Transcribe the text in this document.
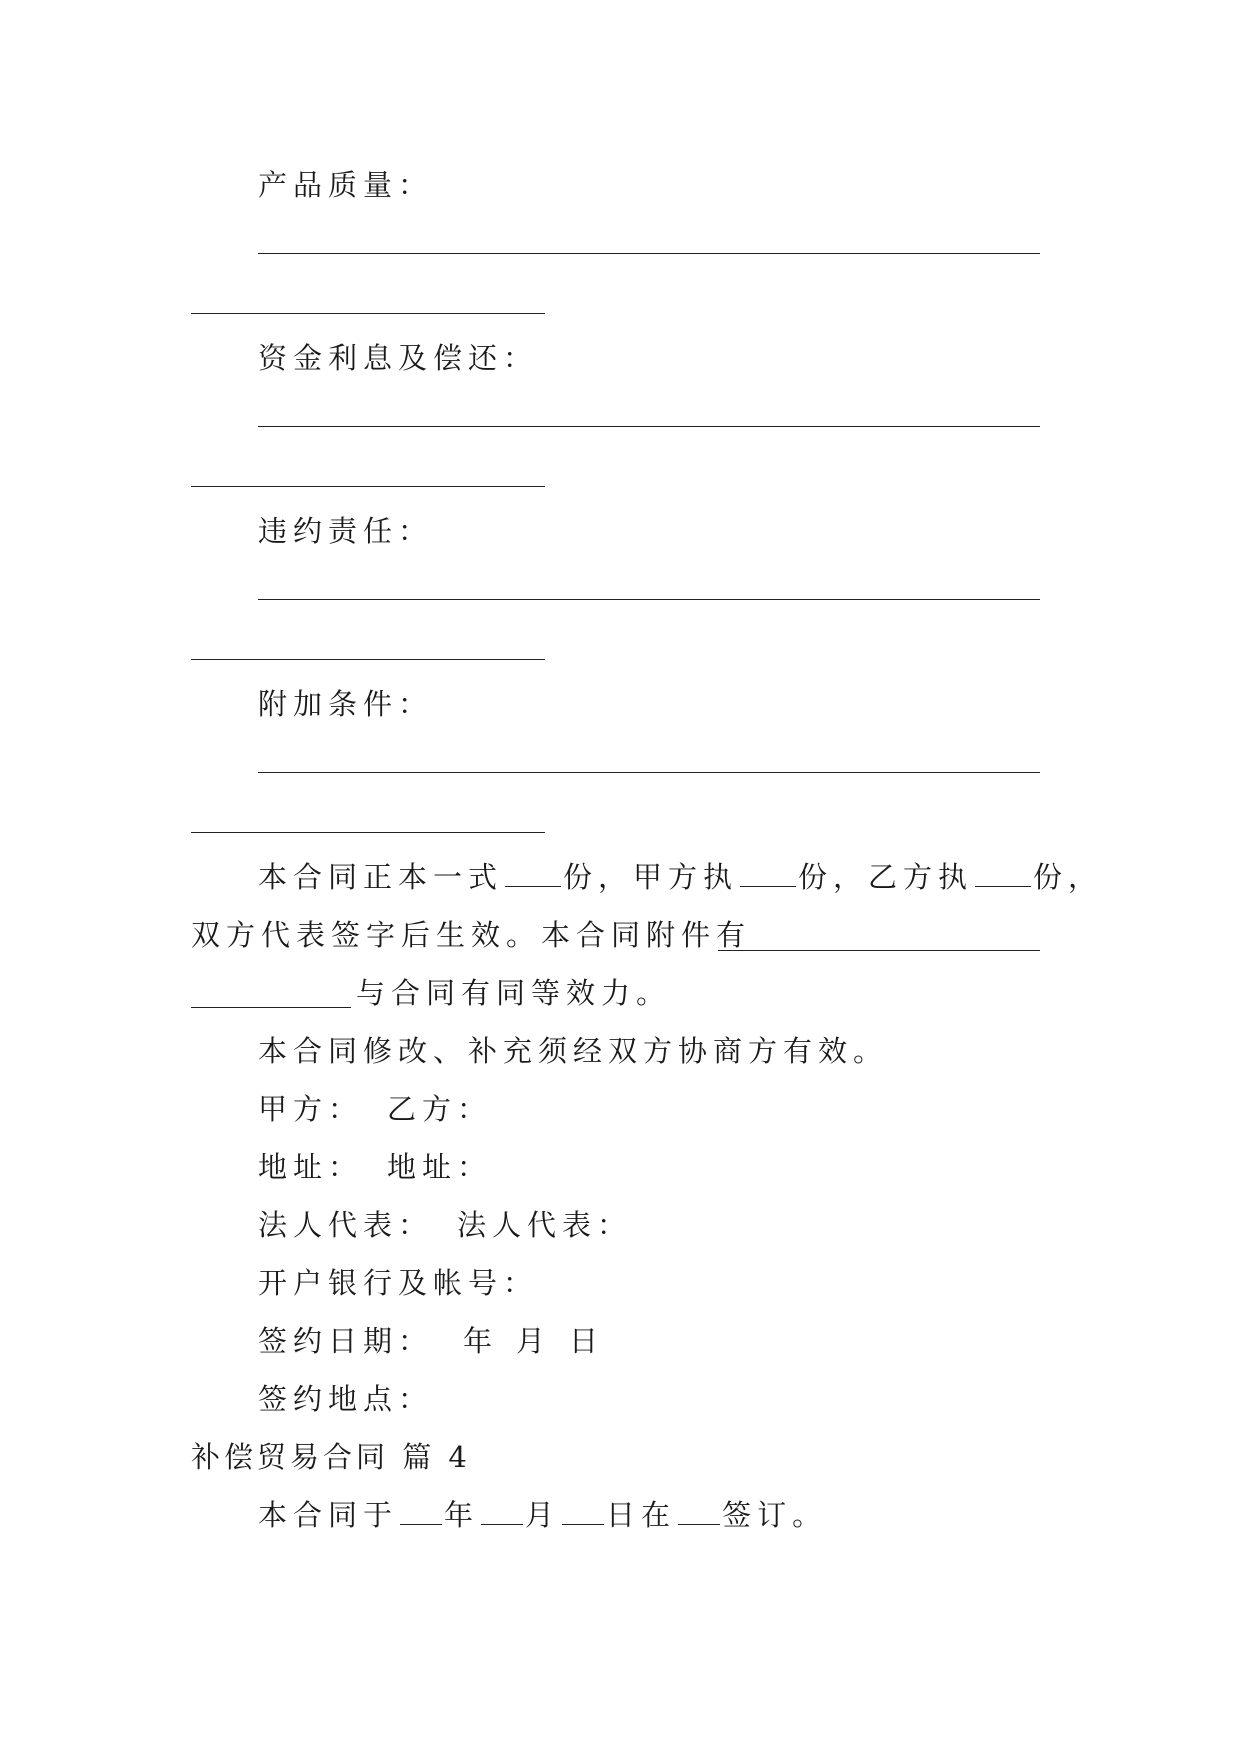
产品质量：
资金利息及偿还：
违约责任：
附加条件：
本合同正本一式 份，甲方执 份，乙方执 份，
双方代表签字后生效。本合同附件有
与合同有同等效力。
本合同修改、补充须经双方协商方有效。
甲方： 乙方：
地址： 地址：
法人代表： 法人代表：
开户银行及帐号：
签约日期： 年 月 日
签约地点：
补偿贸易合同 篇 4
本合同于 年 月 日在 签订。
